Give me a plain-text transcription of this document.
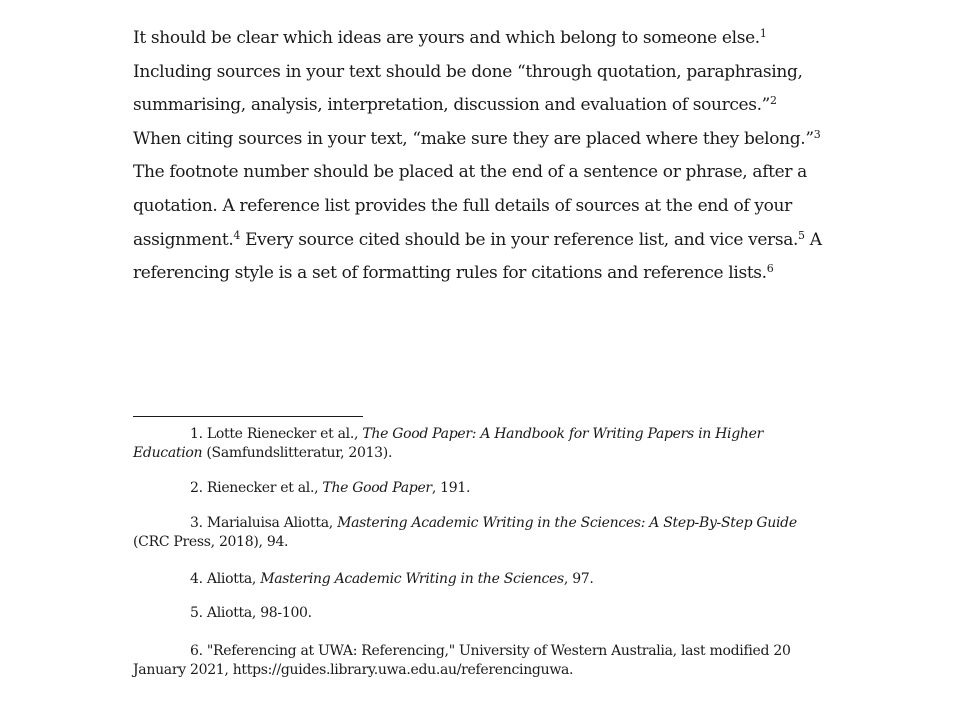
It should be clear which ideas are yours and which belong to someone else.$^1$ Including sources in your text should be done “through quotation, paraphrasing, summarising, analysis, interpretation, discussion and evaluation of sources.”$^2$ When citing sources in your text, “make sure they are placed where they belong.”$^3$ The footnote number should be placed at the end of a sentence or phrase, after a quotation. A reference list provides the full details of sources at the end of your assignment.$^4$ Every source cited should be in your reference list, and vice versa.$^5$ A referencing style is a set of formatting rules for citations and reference lists.$^6$

1. Lotte Rienecker et al., The Good Paper: A Handbook for Writing Papers in Higher Education (Samfundslitteratur, 2013).

2. Rienecker et al., The Good Paper, 191.

3. Marialuisa Aliotta, Mastering Academic Writing in the Sciences: A Step-By-Step Guide (CRC Press, 2018), 94.

4. Aliotta, Mastering Academic Writing in the Sciences, 97.

5. Aliotta, 98-100.

6. "Referencing at UWA: Referencing," University of Western Australia, last modified 20 January 2021, https://guides.library.uwa.edu.au/referencinguwa.
